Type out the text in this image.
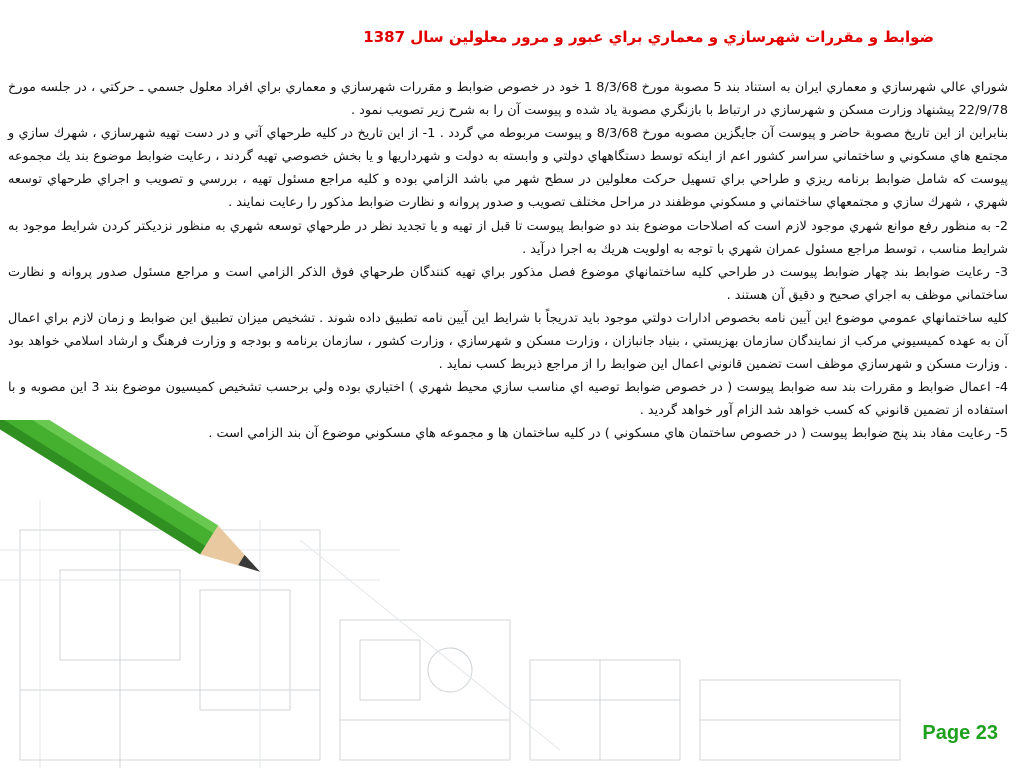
ضوابط و مقررات شهرسازي و معماري براي عبور و مرور معلولين سال 1387

شوراي عالي شهرسازي و معماري ايران به استناد بند 5 مصوبة مورخ 8/3/68 1 خود در خصوص ضوابط و مقررات شهرسازي و معماري براي افراد معلول جسمي ـ حركتي ، در جلسه مورخ 22/9/78 پيشنهاد وزارت مسكن و شهرسازي در ارتباط با بازنگري مصوبة ياد شده و پيوست آن را به شرح زير تصويب نمود .

بنابراين از اين تاريخ مصوبة حاضر و پيوست آن جايگزين مصوبه مورخ 8/3/68 و پيوست مربوطه مي گردد . 1- از اين تاريخ در كليه طرحهاي آتي و در دست تهيه شهرسازي ، شهرك سازي و مجتمع هاي مسكوني و ساختماني سراسر كشور اعم از اينكه توسط دستگاههاي دولتي و وابسته به دولت و شهرداريها و يا بخش خصوصي تهيه گردند ، رعايت ضوابط موضوع بند يك مجموعه پيوست كه شامل ضوابط برنامه ريزي و طراحي براي تسهيل حركت معلولين در سطح شهر مي باشد الزامي بوده و كليه مراجع مسئول تهيه ، بررسي و تصويب و اجراي طرحهاي توسعه شهري ، شهرك سازي و مجتمعهاي ساختماني و مسكوني موظفند در مراحل مختلف تصويب و صدور پروانه و نظارت ضوابط مذكور را رعايت نمايند .

2- به منظور رفع موانع شهري موجود لازم است كه اصلاحات موضوع بند دو ضوابط پيوست تا قبل از تهيه و يا تجديد نظر در طرحهاي توسعه شهري به منظور نزديكتر كردن شرايط موجود به شرايط مناسب ، توسط مراجع مسئول عمران شهري با توجه به اولويت هريك به اجرا درآيد .

3- رعايت ضوابط بند چهار ضوابط پيوست در طراحي كليه ساختمانهاي موضوع فصل مذكور براي تهيه كنندگان طرحهاي فوق الذكر الزامي است و مراجع مسئول صدور پروانه و نظارت ساختماني موظف به اجراي صحيح و دقيق آن هستند .

كليه ساختمانهاي عمومي موضوع اين آيين نامه بخصوص ادارات دولتي موجود بايد تدريجاً با شرايط اين آيين نامه تطبيق داده شوند . تشخيص ميزان تطبيق اين ضوابط و زمان لازم براي اعمال آن به عهده كميسيوني مركب از نمايندگان سازمان بهزيستي ، بنياد جانبازان ، وزارت مسكن و شهرسازي ، وزارت كشور ، سازمان برنامه و بودجه و وزارت فرهنگ و ارشاد اسلامي خواهد بود . وزارت مسكن و شهرسازي موظف است تضمين قانوني اعمال اين ضوابط را از مراجع ذيربط كسب نمايد .

4- اعمال ضوابط و مقررات بند سه ضوابط پيوست ( در خصوص ضوابط توصيه اي مناسب سازي محيط شهري ) اختياري بوده ولي برحسب تشخيص كميسيون موضوع بند 3 اين مصوبه و با استفاده از تضمين قانوني كه كسب خواهد شد الزام آور خواهد گرديد .

5- رعايت مفاد بند پنج ضوابط پيوست ( در خصوص ساختمان هاي مسكوني ) در كليه ساختمان ها و مجموعه هاي مسكوني موضوع آن بند الزامي است .

Page 23
